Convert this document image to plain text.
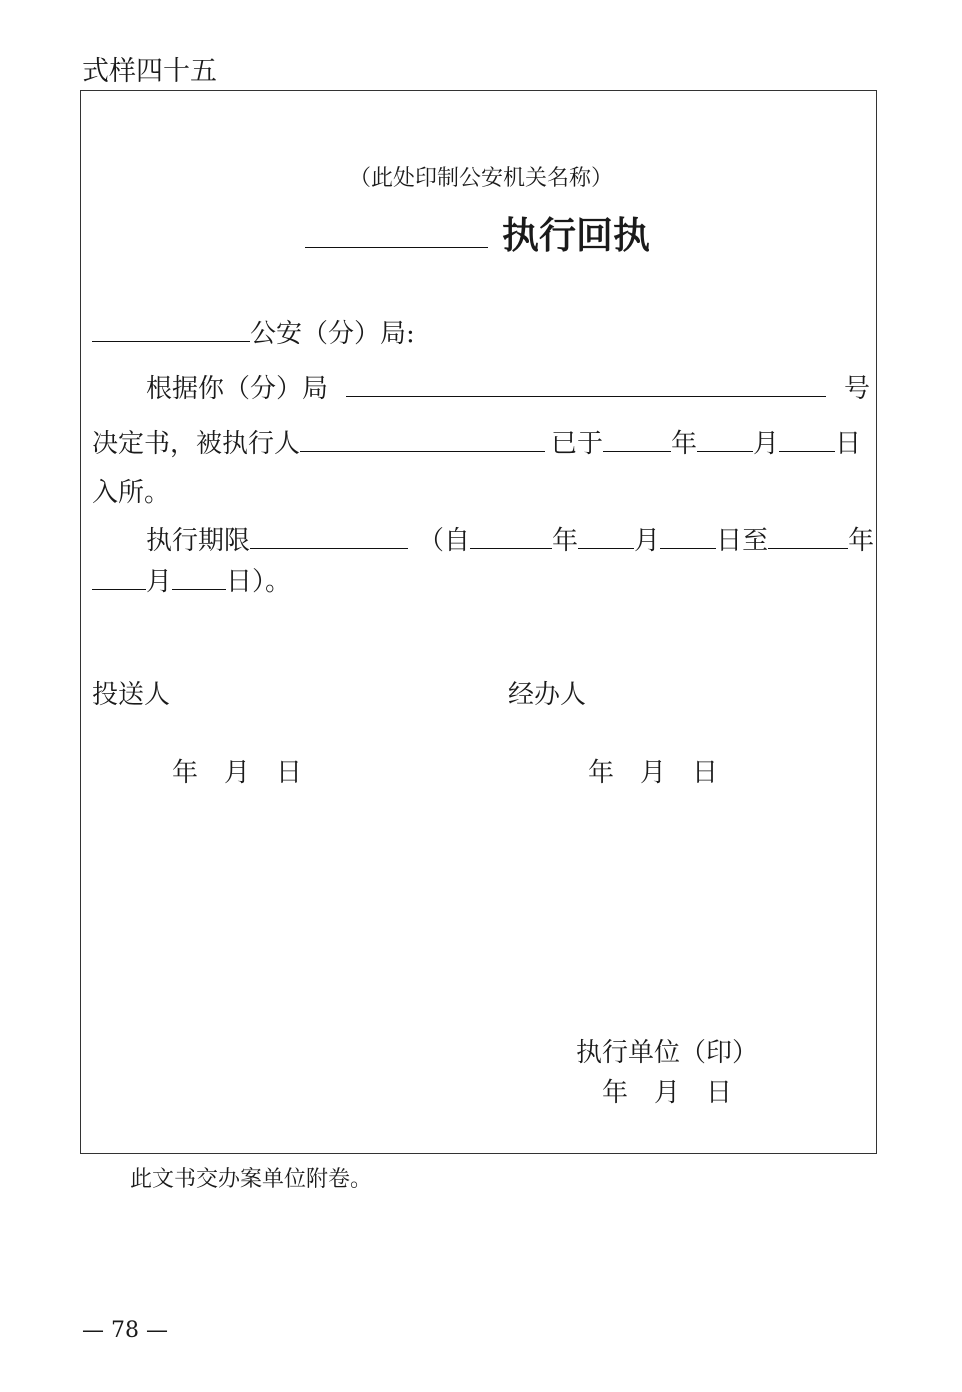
式样四十五
（此处印制公安机关名称）
执行回执
公安（分）局:
根据你（分）局	号
决定书，被执行人	已于	年 月 日
入所。
执行期限	（自	年 月 日至	年
月 日）。
投送人	经办人
年　月　日	年　月　日
执行单位（印）
年　月　日
此文书交办案单位附卷。
— 78 —
